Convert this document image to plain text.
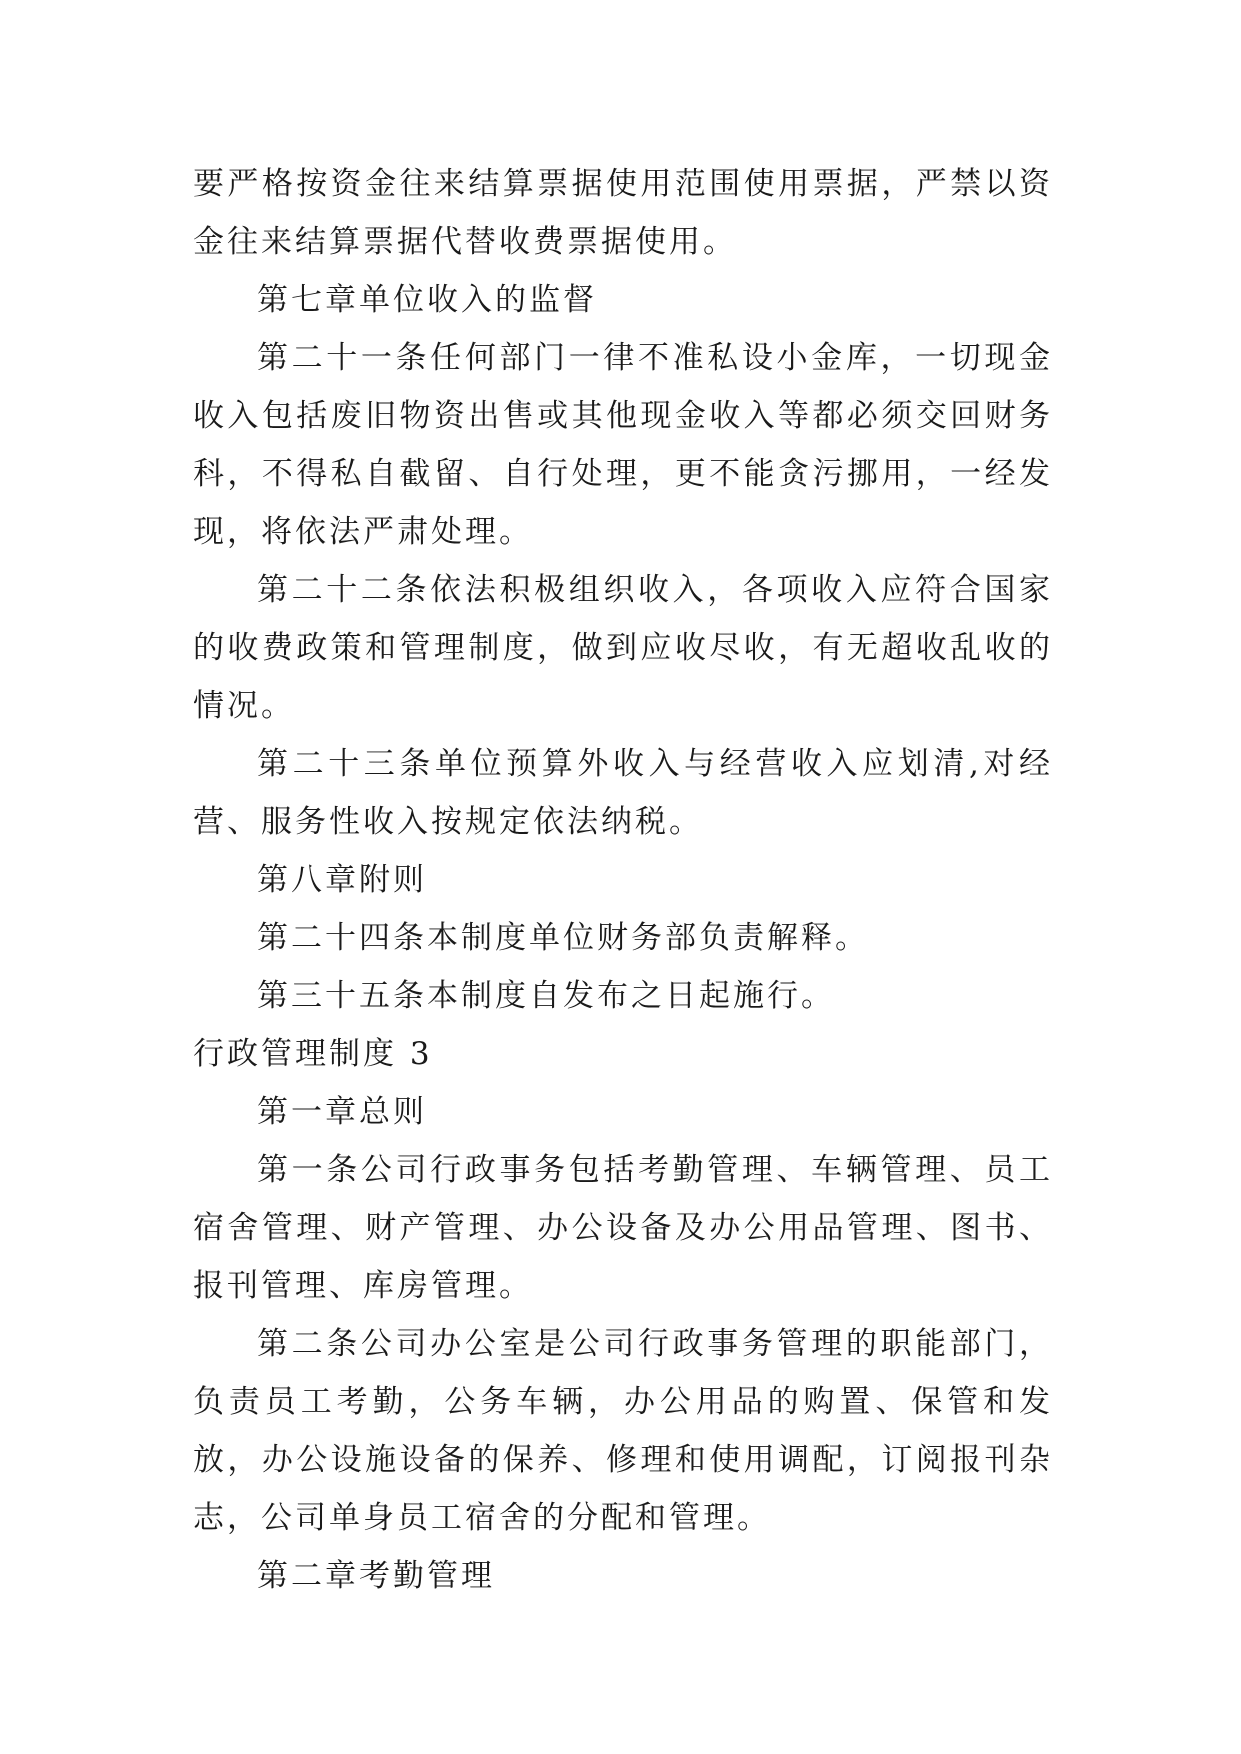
要严格按资金往来结算票据使用范围使用票据，严禁以资金往来结算票据代替收费票据使用。

第七章单位收入的监督

第二十一条任何部门一律不准私设小金库，一切现金收入包括废旧物资出售或其他现金收入等都必须交回财务科，不得私自截留、自行处理，更不能贪污挪用，一经发现，将依法严肃处理。

第二十二条依法积极组织收入，各项收入应符合国家的收费政策和管理制度，做到应收尽收，有无超收乱收的情况。

第二十三条单位预算外收入与经营收入应划清,对经营、服务性收入按规定依法纳税。

第八章附则

第二十四条本制度单位财务部负责解释。

第三十五条本制度自发布之日起施行。

行政管理制度 3

第一章总则

第一条公司行政事务包括考勤管理、车辆管理、员工宿舍管理、财产管理、办公设备及办公用品管理、图书、报刊管理、库房管理。

第二条公司办公室是公司行政事务管理的职能部门，负责员工考勤，公务车辆，办公用品的购置、保管和发放，办公设施设备的保养、修理和使用调配，订阅报刊杂志，公司单身员工宿舍的分配和管理。

第二章考勤管理
